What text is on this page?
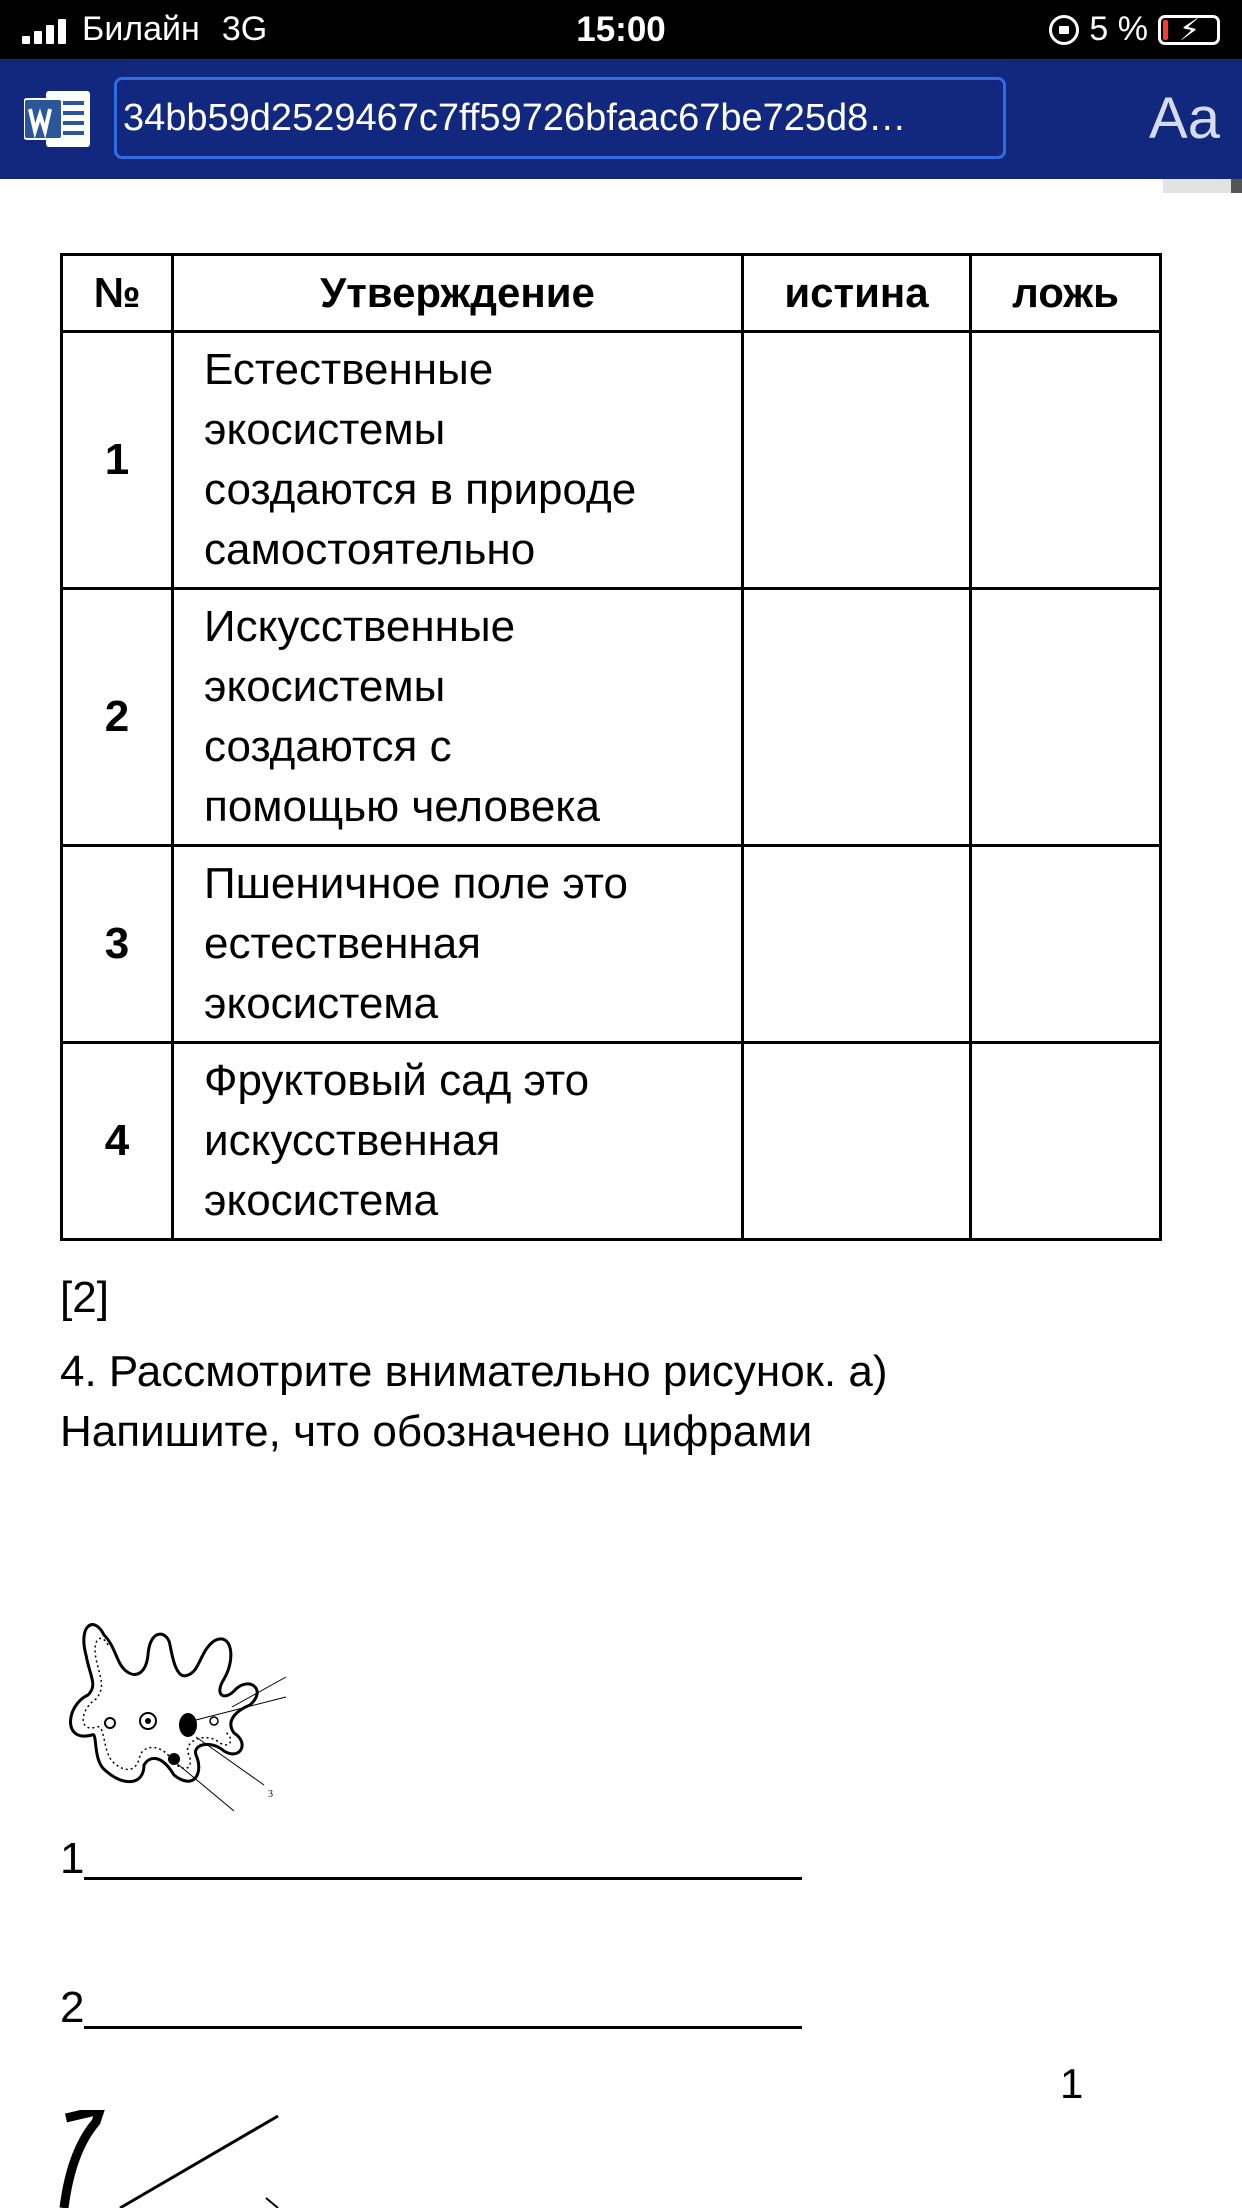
Билайн 3G	15:00	5 % ⚡
34bb59d2529467c7ff59726bfaac67be725d8…	Aa
№	Утверждение	истина	ложь
1	Естественные
экосистемы
создаются в природе
самостоятельно		

2	Искусственные
экосистемы
создаются с
помощью человека		

3	Пшеничное поле это
естественная
экосистема		

4	Фруктовый сад это
искусственная
экосистема		

[2]
4. Рассмотрите внимательно рисунок. а)
Напишите, что обозначено цифрами
3
1
2
1
